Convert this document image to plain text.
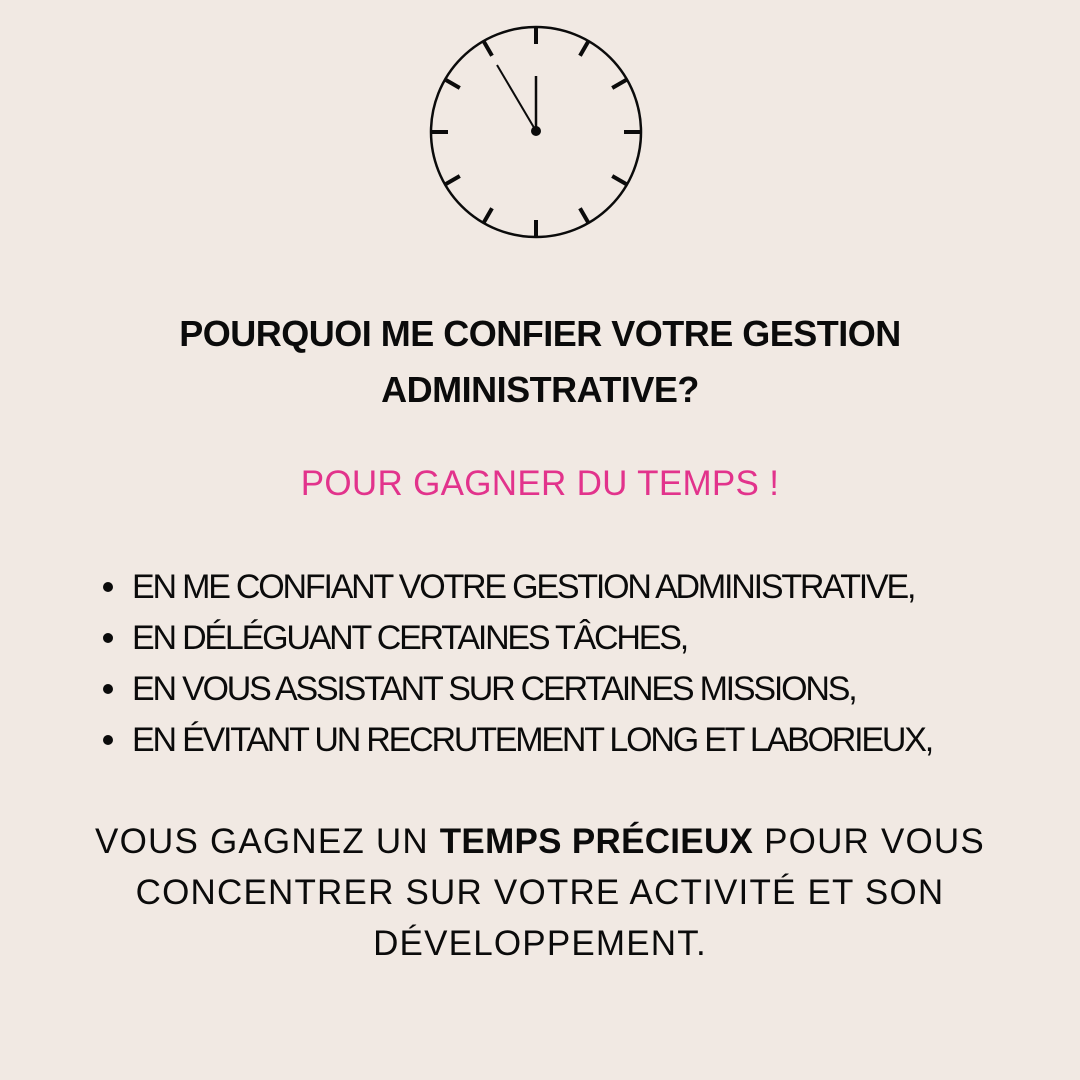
POURQUOI ME CONFIER VOTRE GESTION
ADMINISTRATIVE?
POUR GAGNER DU TEMPS !
EN ME CONFIANT VOTRE GESTION ADMINISTRATIVE,
EN DÉLÉGUANT CERTAINES TÂCHES,
EN VOUS ASSISTANT SUR CERTAINES MISSIONS,
EN ÉVITANT UN RECRUTEMENT LONG ET LABORIEUX,
VOUS GAGNEZ UN TEMPS PRÉCIEUX POUR VOUS
CONCENTRER SUR VOTRE ACTIVITÉ ET SON
DÉVELOPPEMENT.
